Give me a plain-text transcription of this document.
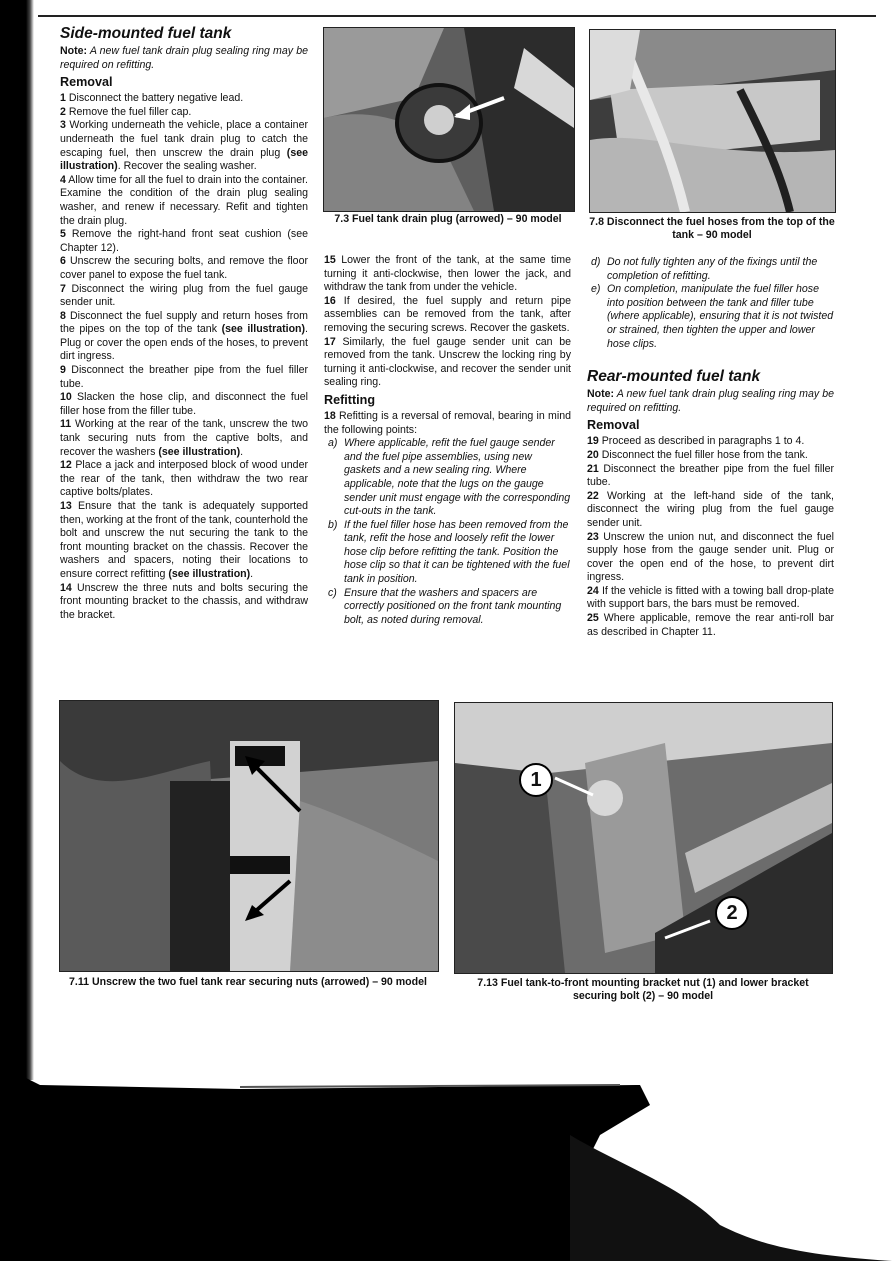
Side-mounted fuel tank

Note: A new fuel tank drain plug sealing ring may be required on refitting.

Removal

1 Disconnect the battery negative lead.

2 Remove the fuel filler cap.

3 Working underneath the vehicle, place a container underneath the fuel tank drain plug to catch the escaping fuel, then unscrew the drain plug (see illustration). Recover the sealing washer.

4 Allow time for all the fuel to drain into the container. Examine the condition of the drain plug sealing washer, and renew if necessary. Refit and tighten the drain plug.

5 Remove the right-hand front seat cushion (see Chapter 12).

6 Unscrew the securing bolts, and remove the floor cover panel to expose the fuel tank.

7 Disconnect the wiring plug from the fuel gauge sender unit.

8 Disconnect the fuel supply and return hoses from the pipes on the top of the tank (see illustration). Plug or cover the open ends of the hoses, to prevent dirt ingress.

9 Disconnect the breather pipe from the fuel filler tube.

10 Slacken the hose clip, and disconnect the fuel filler hose from the filler tube.

11 Working at the rear of the tank, unscrew the two tank securing nuts from the captive bolts, and recover the washers (see illustration).

12 Place a jack and interposed block of wood under the rear of the tank, then withdraw the two rear captive bolts/plates.

13 Ensure that the tank is adequately supported then, working at the front of the tank, counterhold the bolt and unscrew the nut securing the tank to the front mounting bracket on the chassis. Recover the washers and spacers, noting their locations to ensure correct refitting (see illustration).

14 Unscrew the three nuts and bolts securing the front mounting bracket to the chassis, and withdraw the bracket.

7.3 Fuel tank drain plug (arrowed) – 90 model	7.8 Disconnect the fuel hoses from the top of the tank – 90 model

15 Lower the front of the tank, at the same time turning it anti-clockwise, then lower the jack, and withdraw the tank from under the vehicle.

16 If desired, the fuel supply and return pipe assemblies can be removed from the tank, after removing the securing screws. Recover the gaskets.

17 Similarly, the fuel gauge sender unit can be removed from the tank. Unscrew the locking ring by turning it anti-clockwise, and recover the sender unit sealing ring.

Refitting

18 Refitting is a reversal of removal, bearing in mind the following points:

a) Where applicable, refit the fuel gauge sender and the fuel pipe assemblies, using new gaskets and a new sealing ring. Where applicable, note that the lugs on the gauge sender unit must engage with the corresponding cut-outs in the tank.
b) If the fuel filler hose has been removed from the tank, refit the hose and loosely refit the lower hose clip before refitting the tank. Position the hose clip so that it can be tightened with the fuel tank in position.
c) Ensure that the washers and spacers are correctly positioned on the front tank mounting bolt, as noted during removal.
d) Do not fully tighten any of the fixings until the completion of refitting.
e) On completion, manipulate the fuel filler hose into position between the tank and filler tube (where applicable), ensuring that it is not twisted or strained, then tighten the upper and lower hose clips.
Rear-mounted fuel tank

Note: A new fuel tank drain plug sealing ring may be required on refitting.

Removal

19 Proceed as described in paragraphs 1 to 4.

20 Disconnect the fuel filler hose from the tank.

21 Disconnect the breather pipe from the fuel filler tube.

22 Working at the left-hand side of the tank, disconnect the wiring plug from the fuel gauge sender unit.

23 Unscrew the union nut, and disconnect the fuel supply hose from the gauge sender unit. Plug or cover the open end of the hose, to prevent dirt ingress.

24 If the vehicle is fitted with a towing ball drop-plate with support bars, the bars must be removed.

25 Where applicable, remove the rear anti-roll bar as described in Chapter 11.

7.11 Unscrew the two fuel tank rear securing nuts (arrowed) – 90 model
1
2
7.13 Fuel tank-to-front mounting bracket nut (1) and lower bracket securing bolt (2) – 90 model
